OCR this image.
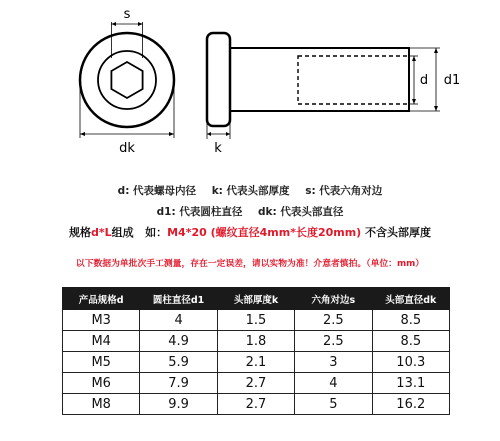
s
dk	k
d d1
d: 代表螺母内径 k: 代表头部厚度 s: 代表六角对边
d1: 代表圆柱直径 dk: 代表头部直径
规格d*L组成   如：M4*20 (螺纹直径4mm*长度20mm) 不含头部厚度
以下数据为单批次手工测量，存在一定误差，请以实物为准！介意者慎拍。（单位：mm）
产品规格d	圆柱直径d1	头部厚度k	六角对边s	头部直径dk
M3	4	1.5	2.5	8.5
M4	4.9	1.8	2.5	8.5
M5	5.9	2.1	3	10.3
M6	7.9	2.7	4	13.1
M8	9.9	2.7	5	16.2
